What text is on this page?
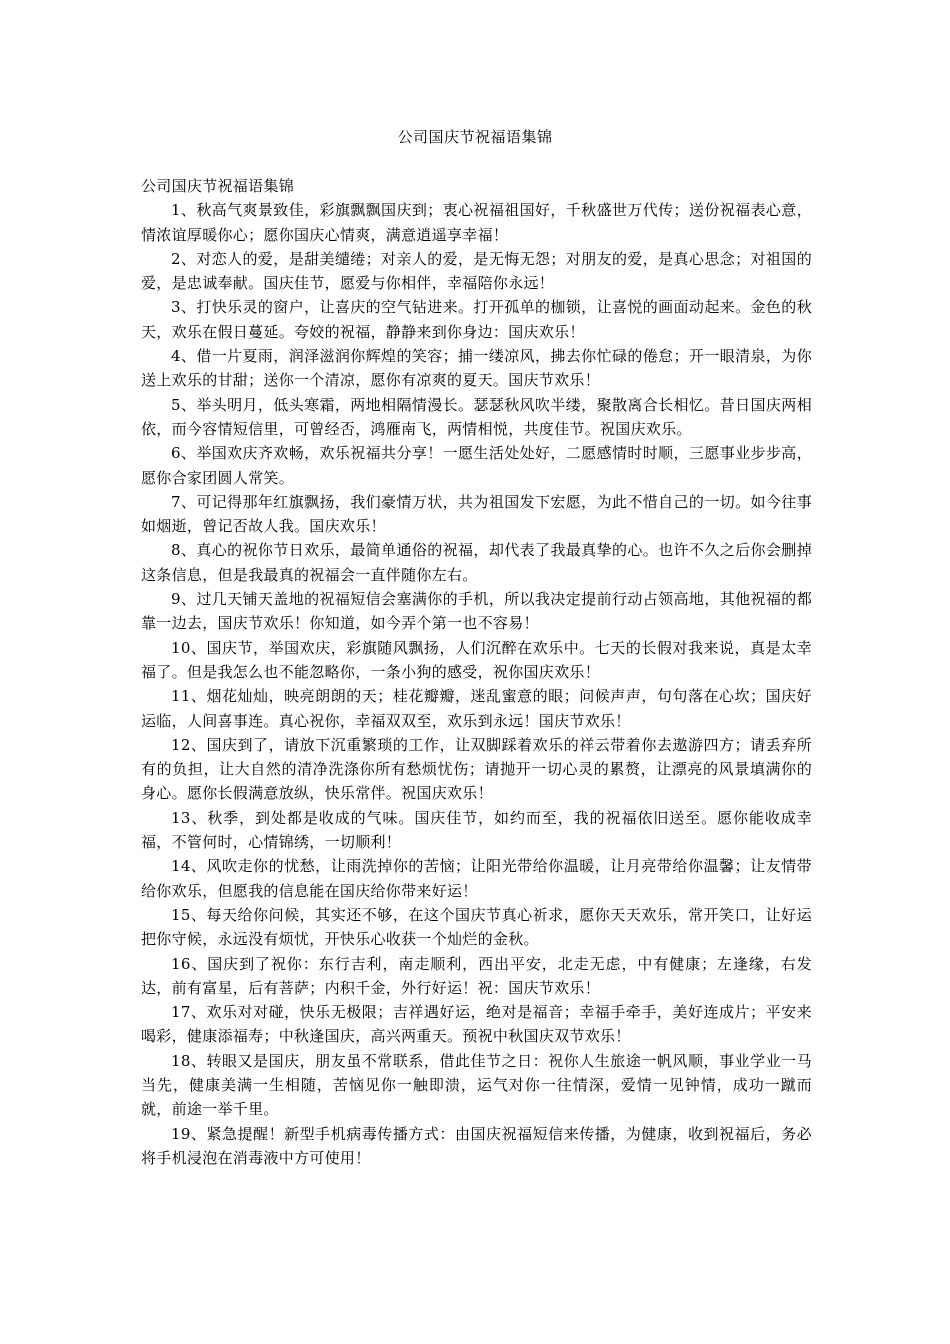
公司国庆节祝福语集锦

公司国庆节祝福语集锦

1、秋高气爽景致佳，彩旗飘飘国庆到；衷心祝福祖国好，千秋盛世万代传；送份祝福表心意，情浓谊厚暖你心；愿你国庆心情爽，满意逍遥享幸福！

2、对恋人的爱，是甜美缱绻；对亲人的爱，是无悔无怨；对朋友的爱，是真心思念；对祖国的爱，是忠诚奉献。国庆佳节，愿爱与你相伴，幸福陪你永远！

3、打快乐灵的窗户，让喜庆的空气钻进来。打开孤单的枷锁，让喜悦的画面动起来。金色的秋天，欢乐在假日蔓延。夸姣的祝福，静静来到你身边：国庆欢乐！

4、借一片夏雨，润泽滋润你辉煌的笑容；捕一缕凉风，拂去你忙碌的倦怠；开一眼清泉，为你送上欢乐的甘甜；送你一个清凉，愿你有凉爽的夏天。国庆节欢乐！

5、举头明月，低头寒霜，两地相隔情漫长。瑟瑟秋风吹半缕，聚散离合长相忆。昔日国庆两相依，而今容情短信里，可曾经否，鸿雁南飞，两情相悦，共度佳节。祝国庆欢乐。

6、举国欢庆齐欢畅，欢乐祝福共分享！一愿生活处处好，二愿感情时时顺，三愿事业步步高，愿你合家团圆人常笑。

7、可记得那年红旗飘扬，我们豪情万状，共为祖国发下宏愿，为此不惜自己的一切。如今往事如烟逝，曾记否故人我。国庆欢乐！

8、真心的祝你节日欢乐，最简单通俗的祝福，却代表了我最真挚的心。也许不久之后你会删掉这条信息，但是我最真的祝福会一直伴随你左右。

9、过几天铺天盖地的祝福短信会塞满你的手机，所以我决定提前行动占领高地，其他祝福的都靠一边去，国庆节欢乐！你知道，如今弄个第一也不容易！

10、国庆节，举国欢庆，彩旗随风飘扬，人们沉醉在欢乐中。七天的长假对我来说，真是太幸福了。但是我怎么也不能忽略你，一条小狗的感受，祝你国庆欢乐！

11、烟花灿灿，映亮朗朗的天；桂花瓣瓣，迷乱蜜意的眼；问候声声，句句落在心坎；国庆好运临，人间喜事连。真心祝你，幸福双双至，欢乐到永远！国庆节欢乐！

12、国庆到了，请放下沉重繁琐的工作，让双脚踩着欢乐的祥云带着你去遨游四方；请丢弃所有的负担，让大自然的清净洗涤你所有愁烦忧伤；请抛开一切心灵的累赘，让漂亮的风景填满你的身心。愿你长假满意放纵，快乐常伴。祝国庆欢乐！

13、秋季，到处都是收成的气味。国庆佳节，如约而至，我的祝福依旧送至。愿你能收成幸福，不管何时，心情锦绣，一切顺利！

14、风吹走你的忧愁，让雨洗掉你的苦恼；让阳光带给你温暖，让月亮带给你温馨；让友情带给你欢乐，但愿我的信息能在国庆给你带来好运！

15、每天给你问候，其实还不够，在这个国庆节真心祈求，愿你天天欢乐，常开笑口，让好运把你守候，永远没有烦忧，开快乐心收获一个灿烂的金秋。

16、国庆到了祝你：东行吉利，南走顺利，西出平安，北走无虑，中有健康；左逢缘，右发达，前有富星，后有菩萨；内积千金，外行好运！祝：国庆节欢乐！

17、欢乐对对碰，快乐无极限；吉祥遇好运，绝对是福音；幸福手牵手，美好连成片；平安来喝彩，健康添福寿；中秋逢国庆，高兴两重天。预祝中秋国庆双节欢乐！

18、转眼又是国庆，朋友虽不常联系，借此佳节之日：祝你人生旅途一帆风顺，事业学业一马当先，健康美满一生相随，苦恼见你一触即溃，运气对你一往情深，爱情一见钟情，成功一蹴而就，前途一举千里。

19、紧急提醒！新型手机病毒传播方式：由国庆祝福短信来传播，为健康，收到祝福后，务必将手机浸泡在消毒液中方可使用！
